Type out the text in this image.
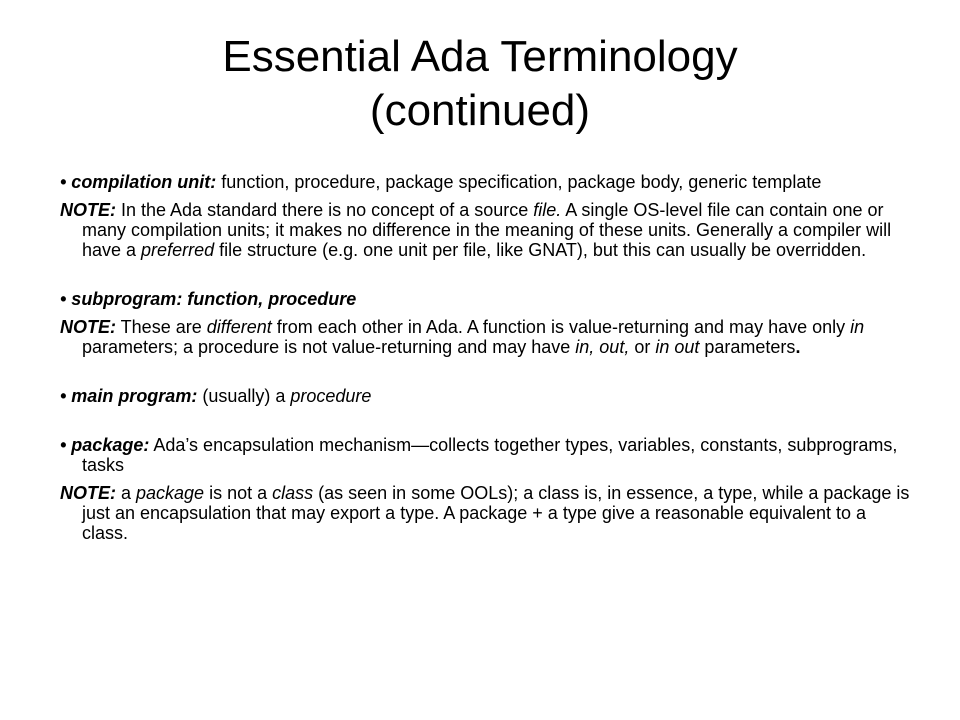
Essential Ada Terminology
(continued)
• compilation unit: function, procedure, package specification, package body, generic template
NOTE: In the Ada standard there is no concept of a source file. A single OS-level file can contain one or many compilation units; it makes no difference in the meaning of these units. Generally a compiler will have a preferred file structure (e.g. one unit per file, like GNAT), but this can usually be overridden.
• subprogram: function, procedure
NOTE: These are different from each other in Ada. A function is value-returning and may have only in parameters; a procedure is not value-returning and may have in, out, or in out parameters.
• main program: (usually) a procedure
• package: Ada’s encapsulation mechanism—collects together types, variables, constants, subprograms, tasks
NOTE: a package is not a class (as seen in some OOLs); a class is, in essence, a type, while a package is just an encapsulation that may export a type. A package + a type give a reasonable equivalent to a class.
